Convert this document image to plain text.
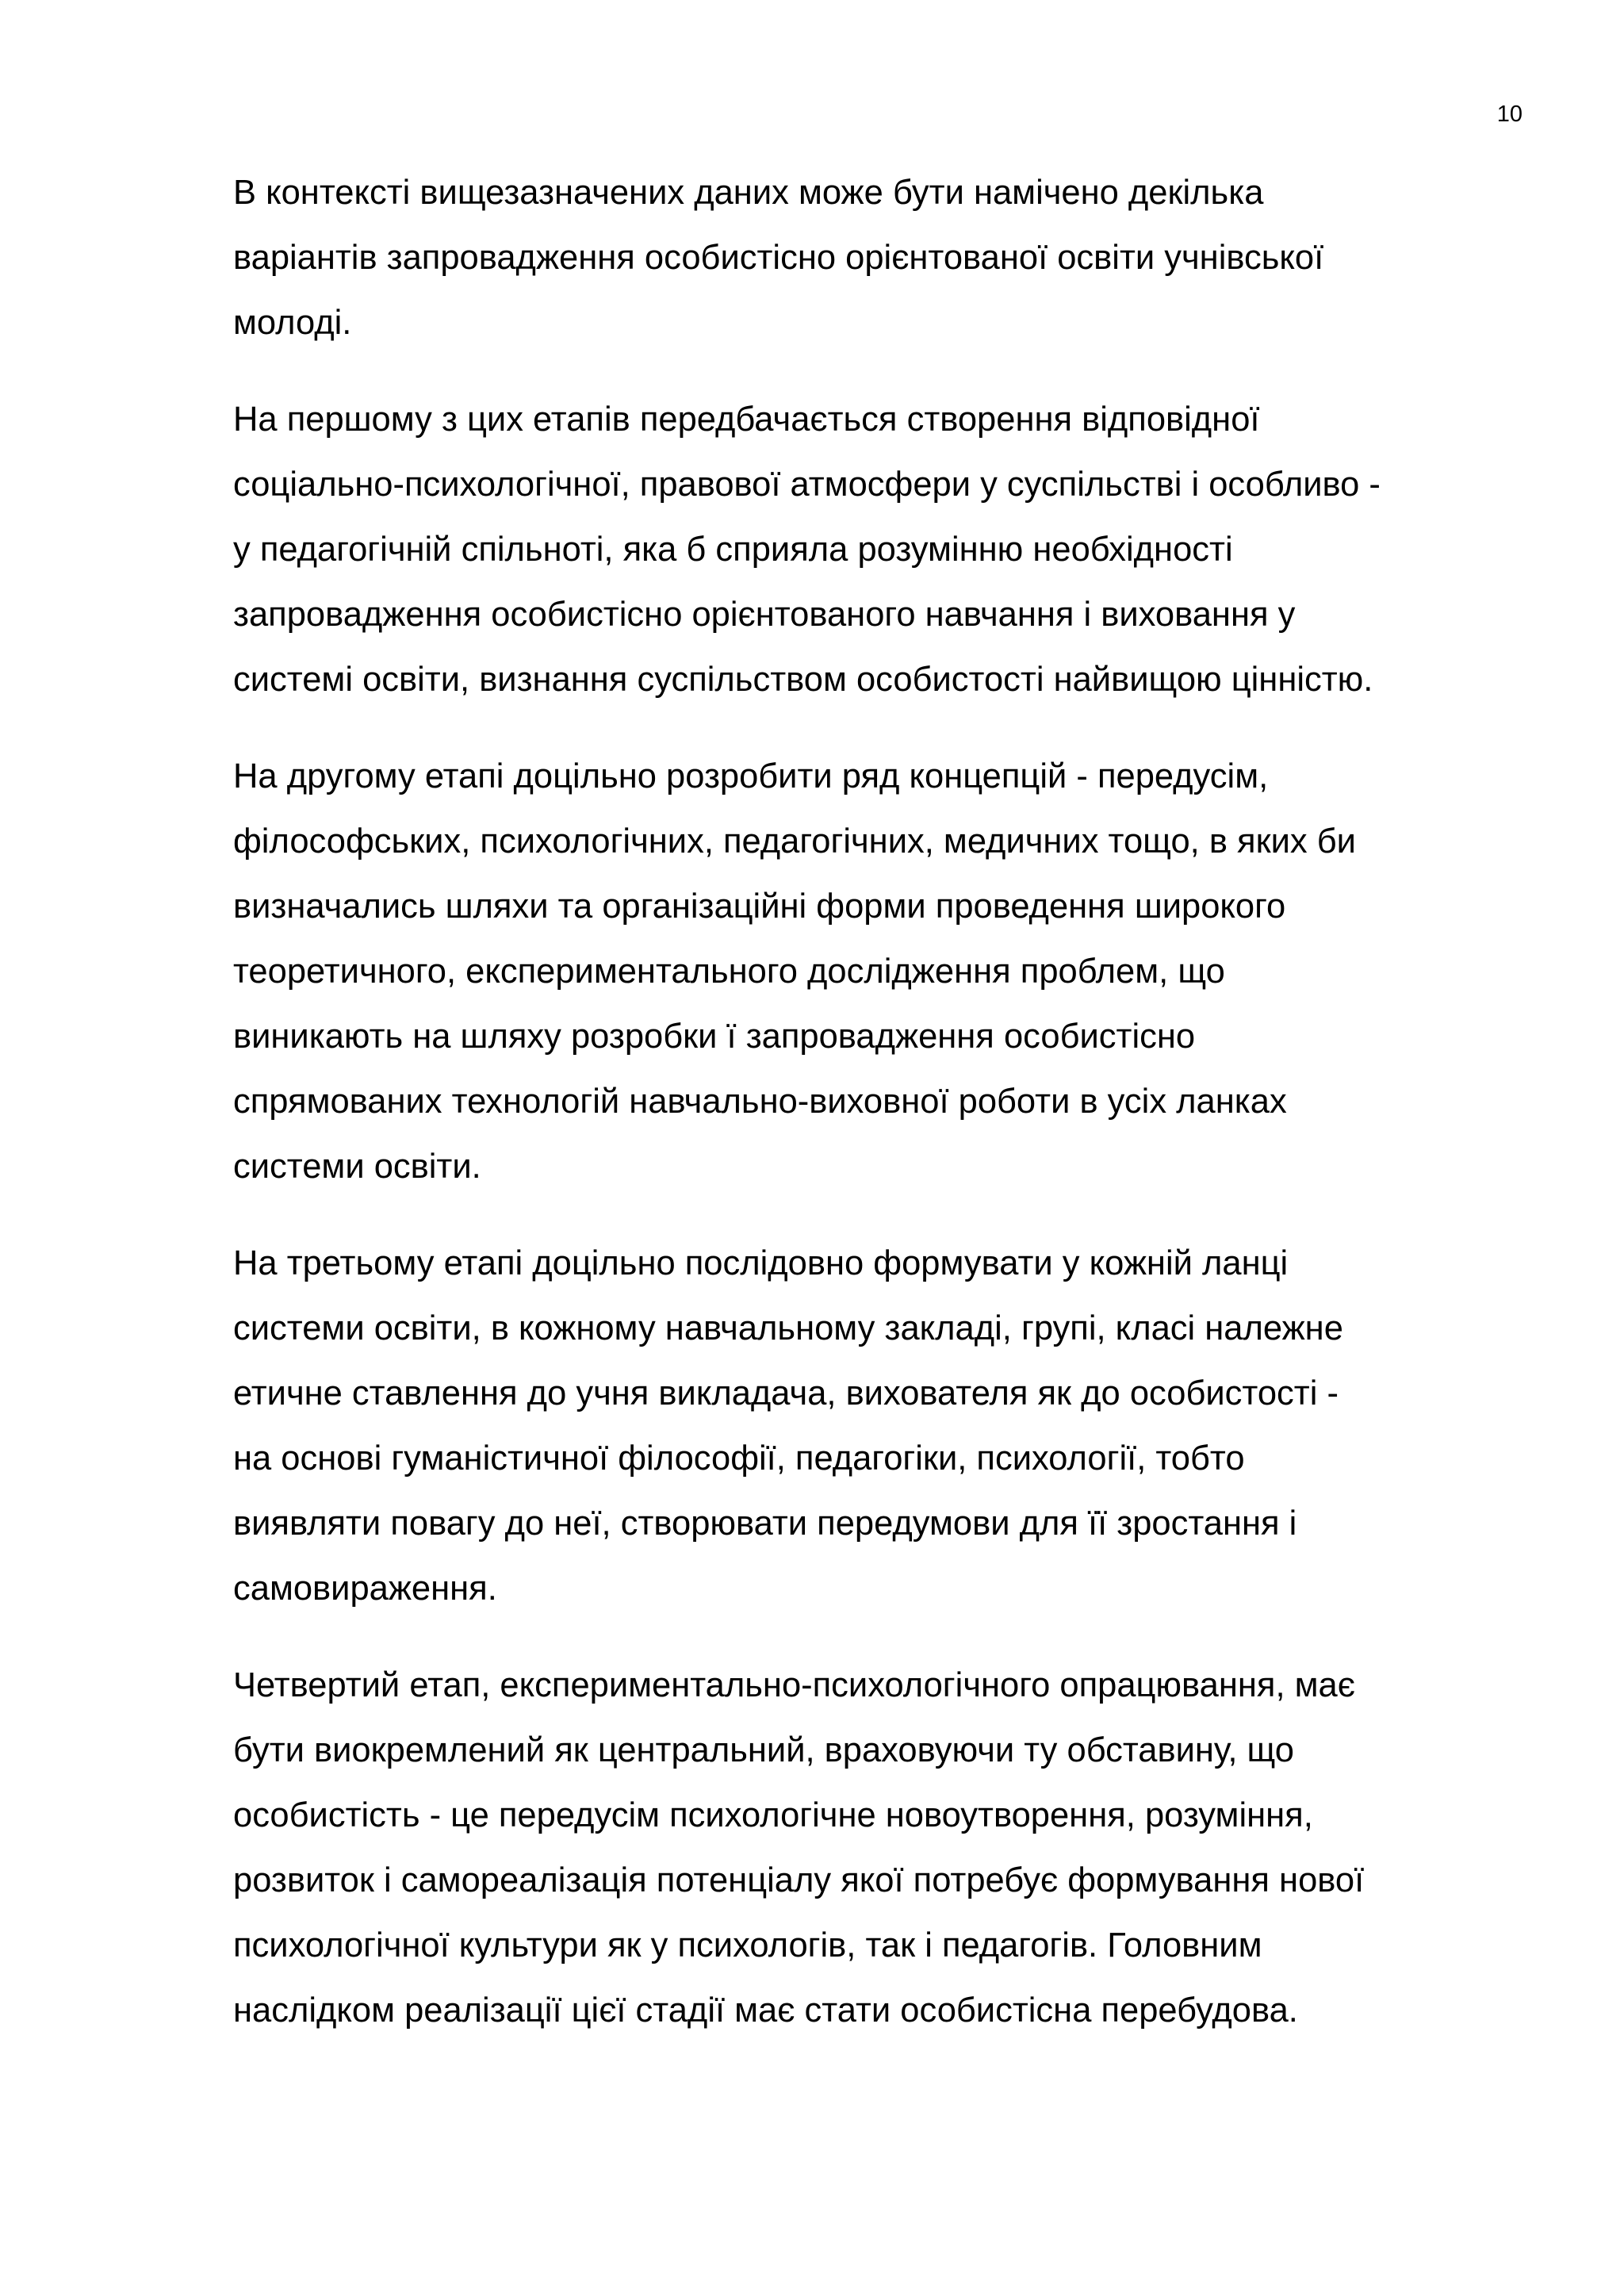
10

В контексті вищезазначених даних може бути намічено декілька
варіантів запровадження особистісно орієнтованої освіти учнівської
молоді.

На першому з цих етапів передбачається створення відповідної
соціально-психологічної, правової атмосфери у суспільстві і особливо -
у педагогічній спільноті, яка б сприяла розумінню необхідності
запровадження особистісно орієнтованого навчання і виховання у
системі освіти, визнання суспільством особистості найвищою цінністю.

На другому етапі доцільно розробити ряд концепцій - передусім,
філософських, психологічних, педагогічних, медичних тощо, в яких би
визначались шляхи та організаційні форми проведення широкого
теоретичного, експериментального дослідження проблем, що
виникають на шляху розробки ї запровадження особистісно
спрямованих технологій навчально-виховної роботи в усіх ланках
системи освіти.

На третьому етапі доцільно послідовно формувати у кожній ланці
системи освіти, в кожному навчальному закладі, групі, класі належне
етичне ставлення до учня викладача, вихователя як до особистості -
на основі гуманістичної філософії, педагогіки, психології, тобто
виявляти повагу до неї, створювати передумови для її зростання і
самовираження.

Четвертий етап, експериментально-психологічного опрацювання, має
бути виокремлений як центральний, враховуючи ту обставину, що
особистість - це передусім психологічне новоутворення, розуміння,
розвиток і самореалізація потенціалу якої потребує формування нової
психологічної культури як у психологів, так і педагогів. Головним
наслідком реалізації цієї стадії має стати особистісна перебудова.
